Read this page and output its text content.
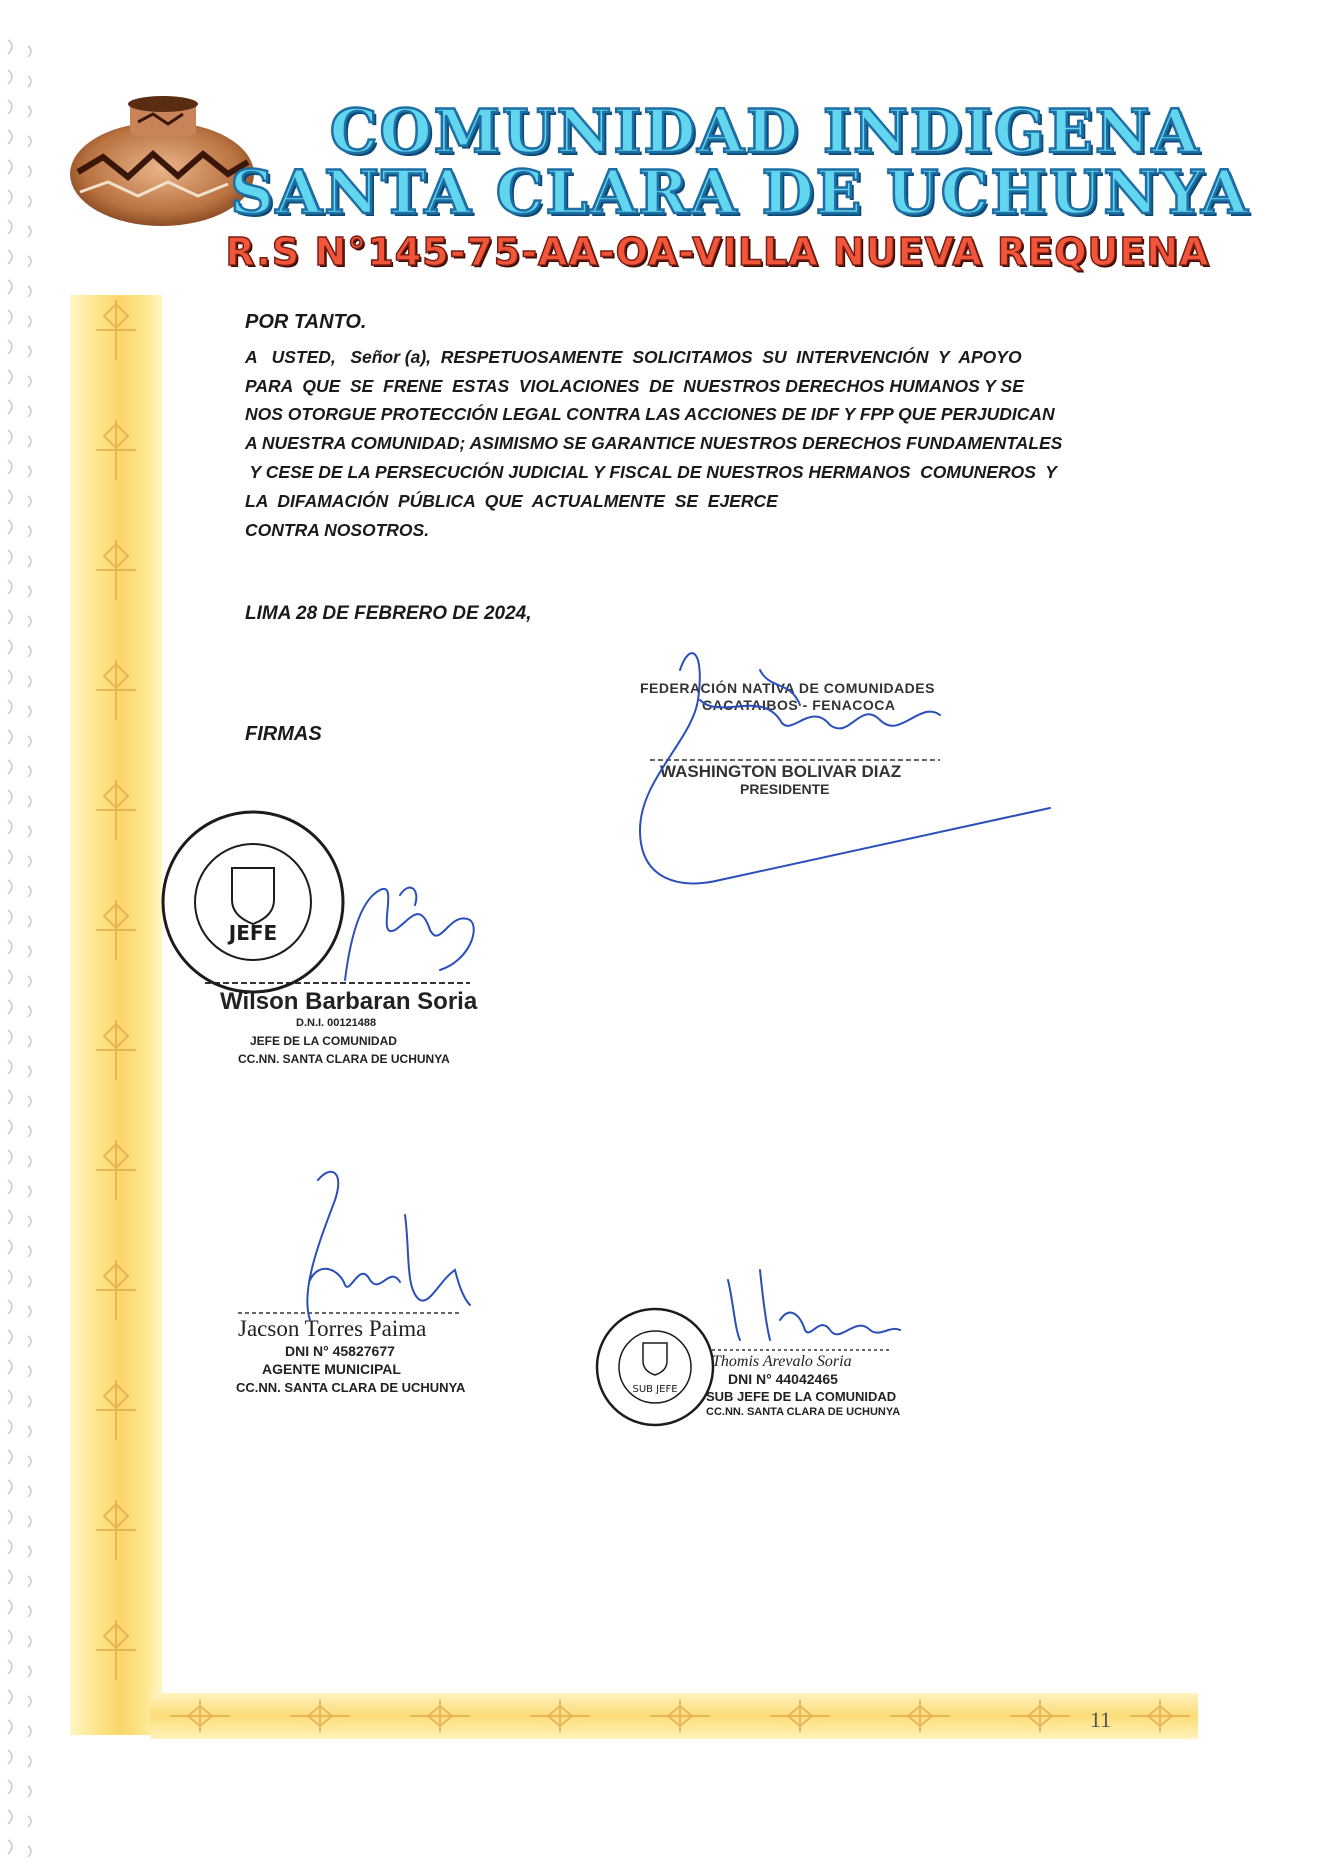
COMUNIDAD INDIGENA
SANTA CLARA DE UCHUNYA
R.S N°145-75-AA-OA-VILLA NUEVA REQUENA
POR TANTO.
A   USTED,   Señor (a),  RESPETUOSAMENTE  SOLICITAMOS  SU  INTERVENCIÓN  Y  APOYO
PARA  QUE  SE  FRENE  ESTAS  VIOLACIONES  DE  NUESTROS DERECHOS HUMANOS Y SE
NOS OTORGUE PROTECCIÓN LEGAL CONTRA LAS ACCIONES DE IDF Y FPP QUE PERJUDICAN
A NUESTRA COMUNIDAD; ASIMISMO SE GARANTICE NUESTROS DERECHOS FUNDAMENTALES
Y CESE DE LA PERSECUCIÓN JUDICIAL Y FISCAL DE NUESTROS HERMANOS  COMUNEROS  Y
LA  DIFAMACIÓN  PÚBLICA  QUE  ACTUALMENTE  SE  EJERCE
CONTRA NOSOTROS.
LIMA 28 DE FEBRERO DE 2024,
FIRMAS
FEDERACIÓN NATIVA DE COMUNIDADES
CACATAIBOS - FENACOCA
WASHINGTON BOLIVAR DIAZ
PRESIDENTE
Wilson Barbaran Soria
D.N.I. 00121488
JEFE DE LA COMUNIDAD
CC.NN. SANTA CLARA DE UCHUNYA
Jacson Torres Paima
DNI N° 45827677
AGENTE MUNICIPAL
CC.NN. SANTA CLARA DE UCHUNYA
Thomis Arevalo Soria
DNI N° 44042465
SUB JEFE DE LA COMUNIDAD
CC.NN. SANTA CLARA DE UCHUNYA
JEFE
SUB JEFE
11
